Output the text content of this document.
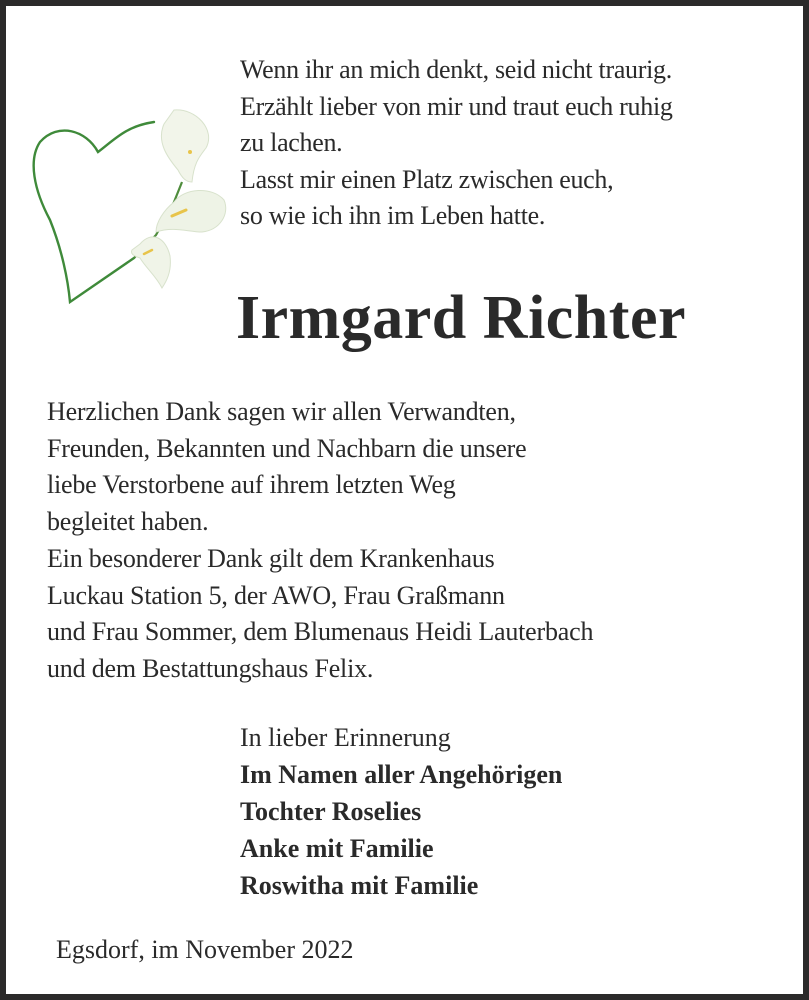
Wenn ihr an mich denkt, seid nicht traurig.
Erzählt lieber von mir und traut euch ruhig
zu lachen.
Lasst mir einen Platz zwischen euch,
so wie ich ihn im Leben hatte.
Irmgard Richter
Herzlichen Dank sagen wir allen Verwandten,
Freunden, Bekannten und Nachbarn die unsere
liebe Verstorbene auf ihrem letzten Weg
begleitet haben.
Ein besonderer Dank gilt dem Krankenhaus
Luckau Station 5, der AWO, Frau Graßmann
und Frau Sommer, dem Blumenaus Heidi Lauterbach
und dem Bestattungshaus Felix.
In lieber Erinnerung
Im Namen aller Angehörigen
Tochter Roselies
Anke mit Familie
Roswitha mit Familie
Egsdorf, im November 2022
